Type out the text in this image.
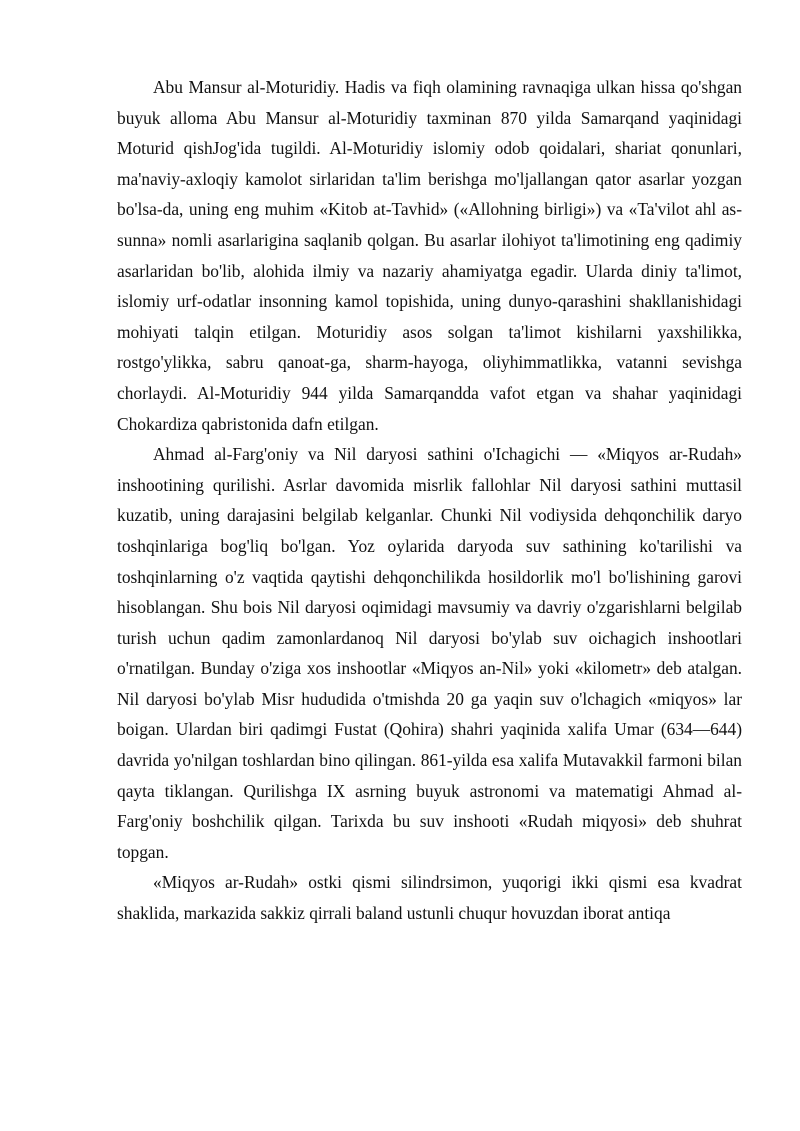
Abu Mansur al-Moturidiy. Hadis va fiqh olamining ravnaqiga ulkan hissa qo'shgan buyuk alloma Abu Mansur al-Moturidiy taxminan 870 yilda Samarqand yaqinidagi Moturid qishJog'ida tugildi. Al-Moturidiy islomiy odob qoidalari, shariat qonunlari, ma'naviy-axloqiy kamolot sirlaridan ta'lim berishga mo'ljallangan qator asarlar yozgan bo'lsa-da, uning eng muhim «Kitob at-Tavhid» («Allohning birligi») va «Ta'vilot ahl as-sunna» nomli asarlarigina saqlanib qolgan. Bu asarlar ilohiyot ta'limotining eng qadimiy asarlaridan bo'lib, alohida ilmiy va nazariy ahamiyatga egadir. Ularda diniy ta'limot, islomiy urf-odatlar insonning kamol topishida, uning dunyo-qarashini shakllanishidagi mohiyati talqin etilgan. Moturidiy asos solgan ta'limot kishilarni yaxshilikka, rostgo'ylikka, sabru qanoat-ga, sharm-hayoga, oliyhimmatlikka, vatanni sevishga chorlaydi. Al-Moturidiy 944 yilda Samarqandda vafot etgan va shahar yaqinidagi Chokardiza qabristonida dafn etilgan.

Ahmad al-Farg'oniy va Nil daryosi sathini o'Ichagichi — «Miqyos ar-Rudah» inshootining qurilishi. Asrlar davomida misrlik fallohlar Nil daryosi sathini muttasil kuzatib, uning darajasini belgilab kelganlar. Chunki Nil vodiysida dehqonchilik daryo toshqinlariga bog'liq bo'lgan. Yoz oylarida daryoda suv sathining ko'tarilishi va toshqinlarning o'z vaqtida qaytishi dehqonchilikda hosildorlik mo'l bo'lishining garovi hisoblangan. Shu bois Nil daryosi oqimidagi mavsumiy va davriy o'zgarishlarni belgilab turish uchun qadim zamonlardanoq Nil daryosi bo'ylab suv oichagich inshootlari o'rnatilgan. Bunday o'ziga xos inshootlar «Miqyos an-Nil» yoki «kilometr» deb atalgan. Nil daryosi bo'ylab Misr hududida o'tmishda 20 ga yaqin suv o'lchagich «miqyos» lar boigan. Ulardan biri qadimgi Fustat (Qohira) shahri yaqinida xalifa Umar (634—644) davrida yo'nilgan toshlardan bino qilingan. 861-yilda esa xalifa Mutavakkil farmoni bilan qayta tiklangan. Qurilishga IX asrning buyuk astronomi va matematigi Ahmad al-Farg'oniy boshchilik qilgan. Tarixda bu suv inshooti «Rudah miqyosi» deb shuhrat topgan.

«Miqyos ar-Rudah» ostki qismi silindrsimon, yuqorigi ikki qismi esa kvadrat shaklida, markazida sakkiz qirrali baland ustunli chuqur hovuzdan iborat antiqa
